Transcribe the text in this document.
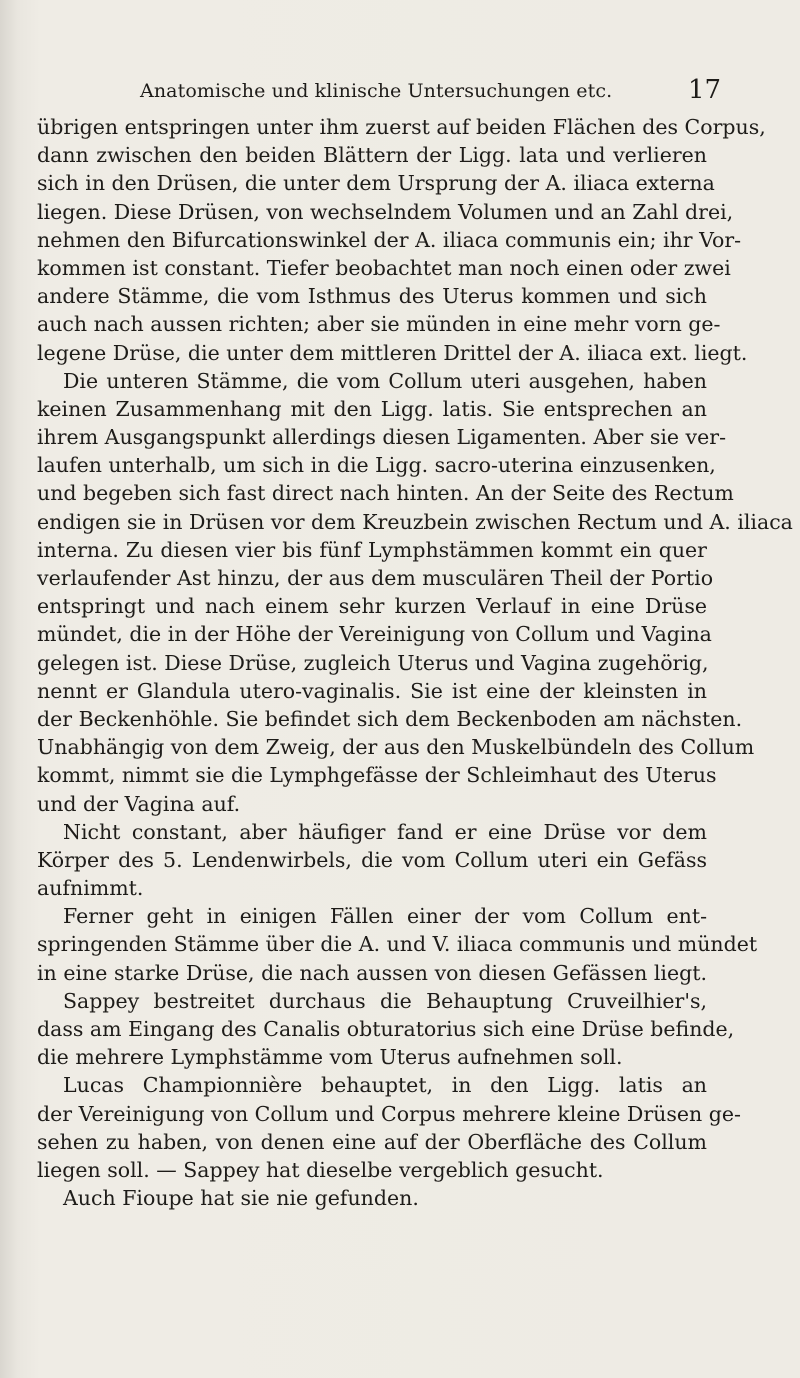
Anatomische und klinische Untersuchungen etc.	17
übrigen entspringen unter ihm zuerst auf beiden Flächen des Corpus,
dann zwischen den beiden Blättern der Ligg. lata und verlieren
sich in den Drüsen, die unter dem Ursprung der A. iliaca externa
liegen. Diese Drüsen, von wechselndem Volumen und an Zahl drei,
nehmen den Bifurcationswinkel der A. iliaca communis ein; ihr Vor-
kommen ist constant. Tiefer beobachtet man noch einen oder zwei
andere Stämme, die vom Isthmus des Uterus kommen und sich
auch nach aussen richten; aber sie münden in eine mehr vorn ge-
legene Drüse, die unter dem mittleren Drittel der A. iliaca ext. liegt.
Die unteren Stämme, die vom Collum uteri ausgehen, haben
keinen Zusammenhang mit den Ligg. latis. Sie entsprechen an
ihrem Ausgangspunkt allerdings diesen Ligamenten. Aber sie ver-
laufen unterhalb, um sich in die Ligg. sacro-uterina einzusenken,
und begeben sich fast direct nach hinten. An der Seite des Rectum
endigen sie in Drüsen vor dem Kreuzbein zwischen Rectum und A. iliaca
interna. Zu diesen vier bis fünf Lymphstämmen kommt ein quer
verlaufender Ast hinzu, der aus dem musculären Theil der Portio
entspringt und nach einem sehr kurzen Verlauf in eine Drüse
mündet, die in der Höhe der Vereinigung von Collum und Vagina
gelegen ist. Diese Drüse, zugleich Uterus und Vagina zugehörig,
nennt er Glandula utero-vaginalis. Sie ist eine der kleinsten in
der Beckenhöhle. Sie befindet sich dem Beckenboden am nächsten.
Unabhängig von dem Zweig, der aus den Muskelbündeln des Collum
kommt, nimmt sie die Lymphgefässe der Schleimhaut des Uterus
und der Vagina auf.
Nicht constant, aber häufiger fand er eine Drüse vor dem
Körper des 5. Lendenwirbels, die vom Collum uteri ein Gefäss
aufnimmt.
Ferner geht in einigen Fällen einer der vom Collum ent-
springenden Stämme über die A. und V. iliaca communis und mündet
in eine starke Drüse, die nach aussen von diesen Gefässen liegt.
Sappey bestreitet durchaus die Behauptung Cruveilhier's,
dass am Eingang des Canalis obturatorius sich eine Drüse befinde,
die mehrere Lymphstämme vom Uterus aufnehmen soll.
Lucas Championnière behauptet, in den Ligg. latis an
der Vereinigung von Collum und Corpus mehrere kleine Drüsen ge-
sehen zu haben, von denen eine auf der Oberfläche des Collum
liegen soll. — Sappey hat dieselbe vergeblich gesucht.
Auch Fioupe hat sie nie gefunden.
